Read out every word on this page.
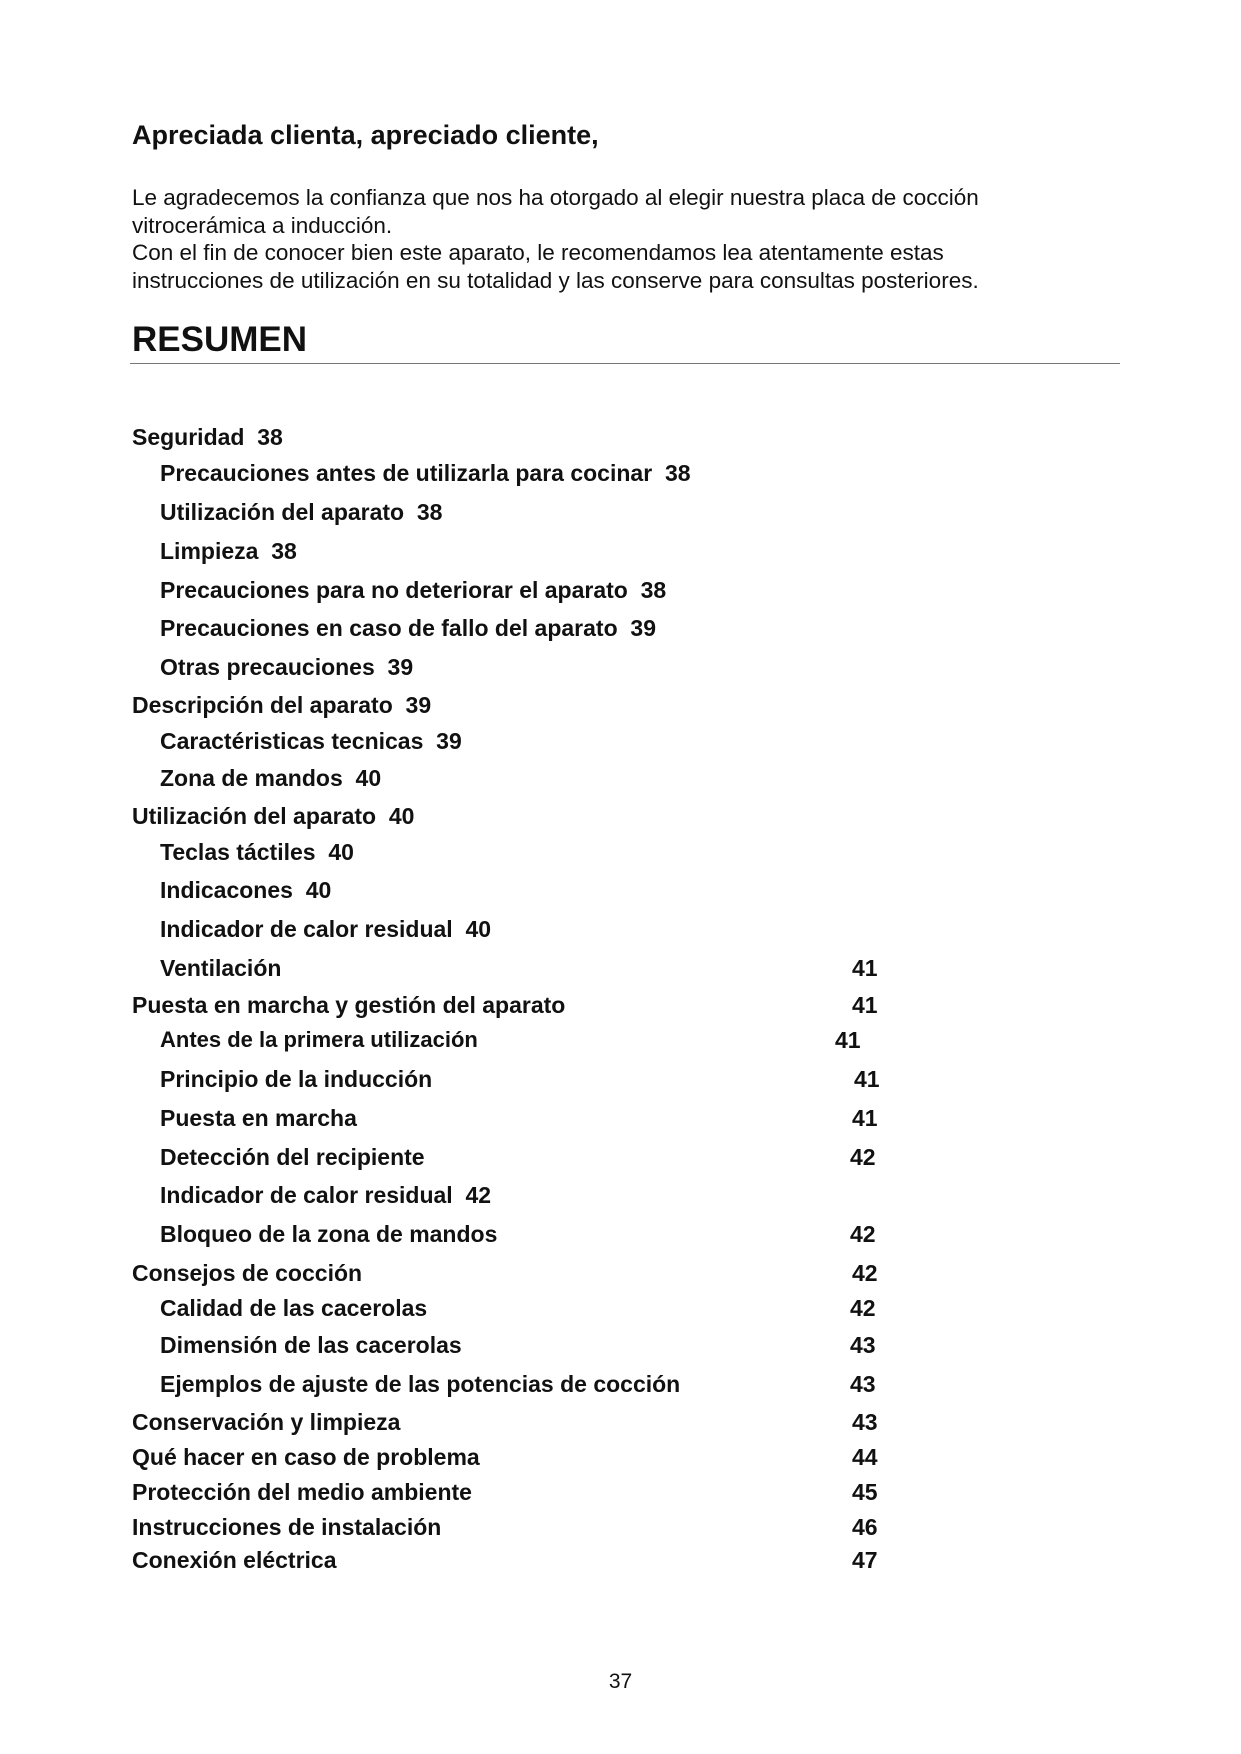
Apreciada clienta, apreciado cliente,

Le agradecemos la confianza que nos ha otorgado al elegir nuestra placa de cocción
vitrocerámica a inducción.
Con el fin de conocer bien este aparato, le recomendamos lea atentamente estas
instrucciones de utilización en su totalidad y las conserve para consultas posteriores.

RESUMEN
Seguridad 38
Precauciones antes de utilizarla para cocinar 38
Utilización del aparato 38
Limpieza 38
Precauciones para no deteriorar el aparato 38
Precauciones en caso de fallo del aparato 39
Otras precauciones 39
Descripción del aparato 39
Caractéristicas tecnicas 39
Zona de mandos 40
Utilización del aparato 40
Teclas táctiles 40
Indicacones 40
Indicador de calor residual 40
Ventilación	41
Puesta en marcha y gestión del aparato	41
Antes de la primera utilización	41
Principio de la inducción	41
Puesta en marcha	41
Detección del recipiente	42
Indicador de calor residual 42
Bloqueo de la zona de mandos	42
Consejos de cocción	42
Calidad de las cacerolas	42
Dimensión de las cacerolas	43
Ejemplos de ajuste de las potencias de cocción	43
Conservación y limpieza	43
Qué hacer en caso de problema	44
Protección del medio ambiente	45
Instrucciones de instalación	46
Conexión eléctrica	47
37
